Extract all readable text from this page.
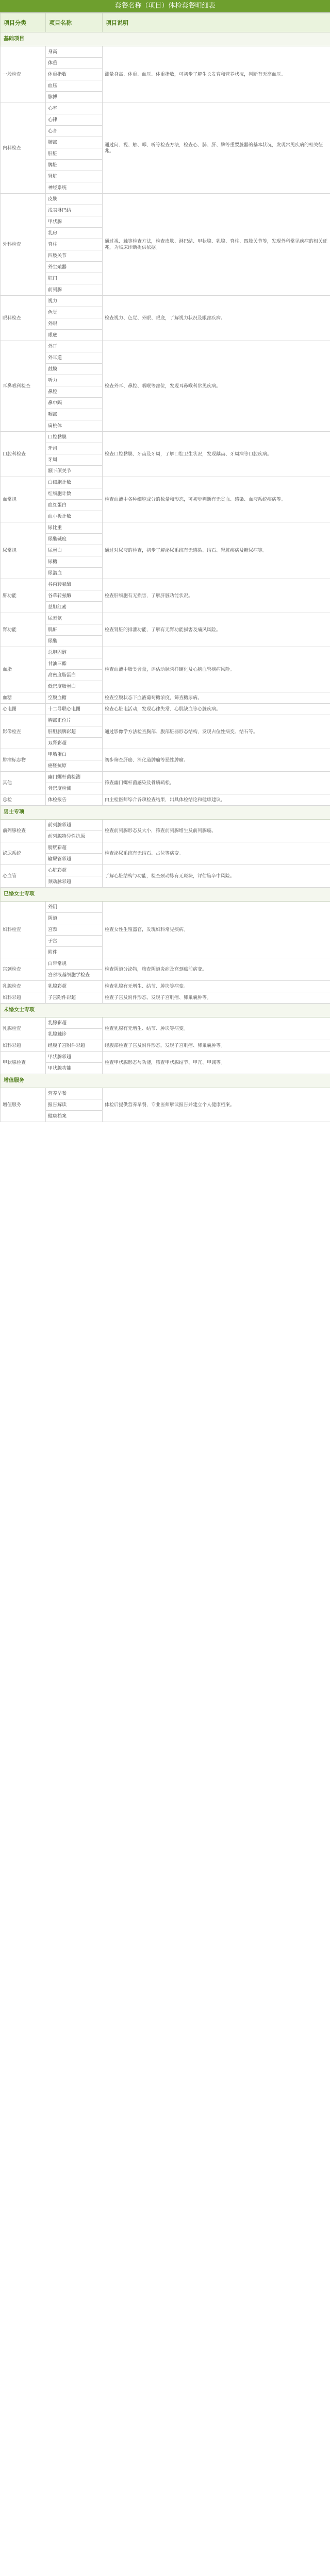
套餐名称（项目）体检套餐明细表
项目分类	项目名称	项目说明
基础项目		
一般检查	身高	测量身高、体重、血压、体重指数，可初步了解生长发育和营养状况，判断有无高血压。
	体重	
	体重指数	
	血压	
	脉搏	
内科检查	心率	通过问、视、触、叩、听等检查方法，检查心、肺、肝、脾等重要脏器的基本状况，发现常见疾病的相关征兆。
	心律	
	心音	
	肺部	
	肝脏	
	脾脏	
	肾脏	
	神经系统	
外科检查	皮肤	通过视、触等检查方法，检查皮肤、淋巴结、甲状腺、乳腺、脊柱、四肢关节等，发现外科常见疾病的相关征兆，为临床诊断提供依据。
	浅表淋巴结	
	甲状腺	
	乳房	
	脊柱	
	四肢关节	
	外生殖器	
	肛门	
	前列腺	
眼科检查	视力	检查视力、色觉、外眼、眼底，了解视力状况及眼部疾病。
	色觉	
	外眼	
	眼底	
耳鼻喉科检查	外耳	检查外耳、鼻腔、咽喉等部位，发现耳鼻喉科常见疾病。
	外耳道	
	鼓膜	
	听力	
	鼻腔	
	鼻中隔	
	咽部	
	扁桃体	
口腔科检查	口腔黏膜	检查口腔黏膜、牙齿及牙周，了解口腔卫生状况，发现龋齿、牙周病等口腔疾病。
	牙齿	
	牙周	
	颞下颌关节	
血常规	白细胞计数	检查血液中各种细胞成分的数量和形态，可初步判断有无贫血、感染、血液系统疾病等。
	红细胞计数	
	血红蛋白	
	血小板计数	
尿常规	尿比重	通过对尿液的检查，初步了解泌尿系统有无感染、结石、肾脏疾病及糖尿病等。
	尿酸碱度	
	尿蛋白	
	尿糖	
	尿潜血	
肝功能	谷丙转氨酶	检查肝细胞有无损害，了解肝脏功能状况。
	谷草转氨酶	
	总胆红素	
肾功能	尿素氮	检查肾脏的排泄功能，了解有无肾功能损害及痛风风险。
	肌酐	
	尿酸	
血脂	总胆固醇	检查血液中脂类含量，评估动脉粥样硬化及心脑血管疾病风险。
	甘油三酯	
	高密度脂蛋白	
	低密度脂蛋白	
血糖	空腹血糖	检查空腹状态下血液葡萄糖浓度，筛查糖尿病。
心电图	十二导联心电图	检查心脏电活动，发现心律失常、心肌缺血等心脏疾病。
影像检查	胸部正位片	通过影像学方法检查胸部、腹部脏器形态结构，发现占位性病变、结石等。
	肝胆胰脾彩超	
	双肾彩超	
肿瘤标志物	甲胎蛋白	初步筛查肝癌、消化道肿瘤等恶性肿瘤。
	癌胚抗原	
其他	幽门螺杆菌检测	筛查幽门螺杆菌感染及骨质疏松。
	骨密度检测	
总检	体检报告	由主检医师综合各项检查结果，出具体检结论和健康建议。
男士专项		
前列腺检查	前列腺彩超	检查前列腺形态及大小，筛查前列腺增生及前列腺癌。
	前列腺特异性抗原	
泌尿系统	膀胱彩超	检查泌尿系统有无结石、占位等病变。
	输尿管彩超	
心血管	心脏彩超	了解心脏结构与功能，检查颈动脉有无斑块，评估脑卒中风险。
	颈动脉彩超	
已婚女士专项		
妇科检查	外阴	检查女性生殖器官，发现妇科常见疾病。
	阴道	
	宫颈	
	子宫	
	附件	
宫颈检查	白带常规	检查阴道分泌物，筛查阴道炎症及宫颈癌前病变。
	宫颈液基细胞学检查	
乳腺检查	乳腺彩超	检查乳腺有无增生、结节、肿块等病变。
妇科彩超	子宫附件彩超	检查子宫及附件形态，发现子宫肌瘤、卵巢囊肿等。
未婚女士专项		
乳腺检查	乳腺彩超	检查乳腺有无增生、结节、肿块等病变。
	乳腺触诊	
妇科彩超	经腹子宫附件彩超	经腹部检查子宫及附件形态，发现子宫肌瘤、卵巢囊肿等。
甲状腺检查	甲状腺彩超	检查甲状腺形态与功能，筛查甲状腺结节、甲亢、甲减等。
	甲状腺功能	
增值服务		
增值服务	营养早餐	体检后提供营养早餐，专业医师解读报告并建立个人健康档案。
	报告解读	
	健康档案	
